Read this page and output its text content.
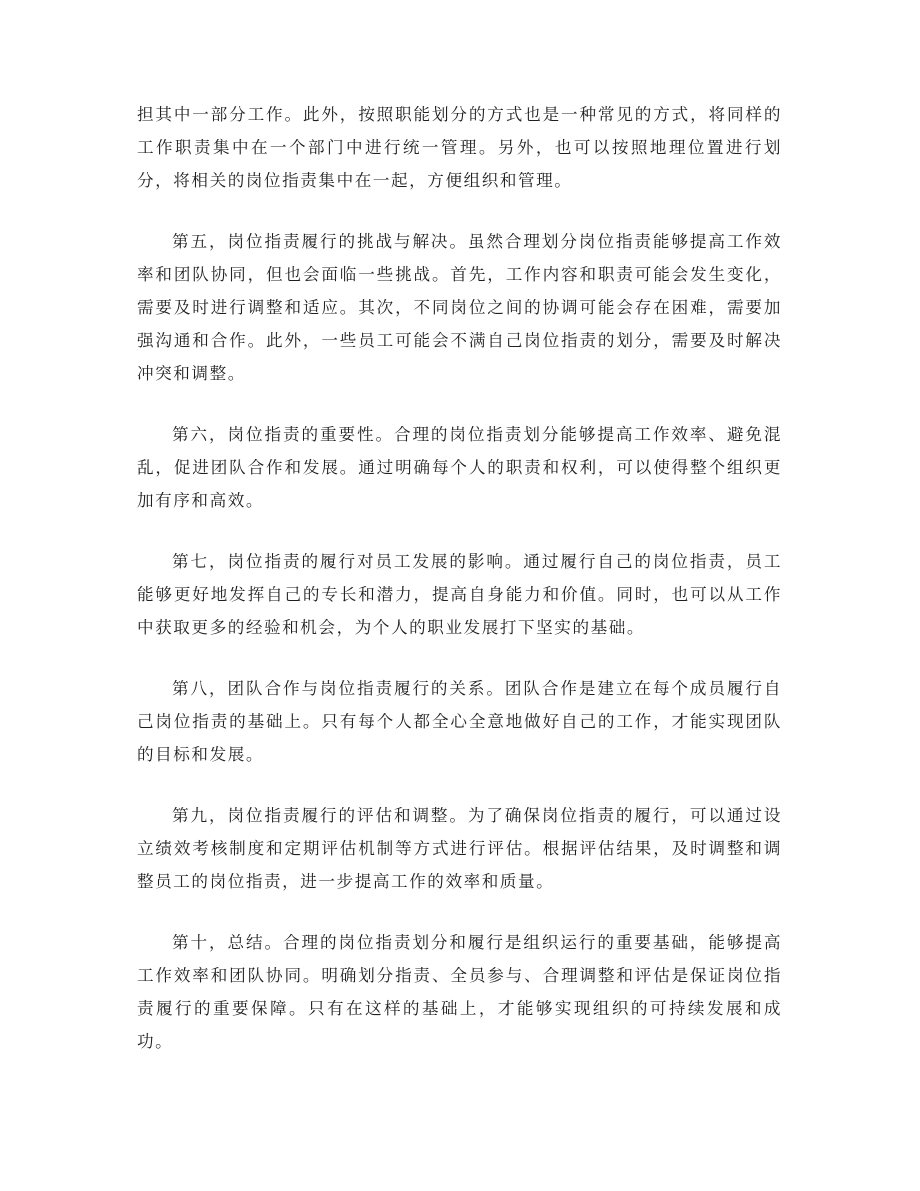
担其中一部分工作。此外，按照职能划分的方式也是一种常见的方式，将同样的工作职责集中在一个部门中进行统一管理。另外，也可以按照地理位置进行划分，将相关的岗位指责集中在一起，方便组织和管理。

第五，岗位指责履行的挑战与解决。虽然合理划分岗位指责能够提高工作效率和团队协同，但也会面临一些挑战。首先，工作内容和职责可能会发生变化，需要及时进行调整和适应。其次，不同岗位之间的协调可能会存在困难，需要加强沟通和合作。此外，一些员工可能会不满自己岗位指责的划分，需要及时解决冲突和调整。

第六，岗位指责的重要性。合理的岗位指责划分能够提高工作效率、避免混乱，促进团队合作和发展。通过明确每个人的职责和权利，可以使得整个组织更加有序和高效。

第七，岗位指责的履行对员工发展的影响。通过履行自己的岗位指责，员工能够更好地发挥自己的专长和潜力，提高自身能力和价值。同时，也可以从工作中获取更多的经验和机会，为个人的职业发展打下坚实的基础。

第八，团队合作与岗位指责履行的关系。团队合作是建立在每个成员履行自己岗位指责的基础上。只有每个人都全心全意地做好自己的工作，才能实现团队的目标和发展。

第九，岗位指责履行的评估和调整。为了确保岗位指责的履行，可以通过设立绩效考核制度和定期评估机制等方式进行评估。根据评估结果，及时调整和调整员工的岗位指责，进一步提高工作的效率和质量。

第十，总结。合理的岗位指责划分和履行是组织运行的重要基础，能够提高工作效率和团队协同。明确划分指责、全员参与、合理调整和评估是保证岗位指责履行的重要保障。只有在这样的基础上，才能够实现组织的可持续发展和成功。
